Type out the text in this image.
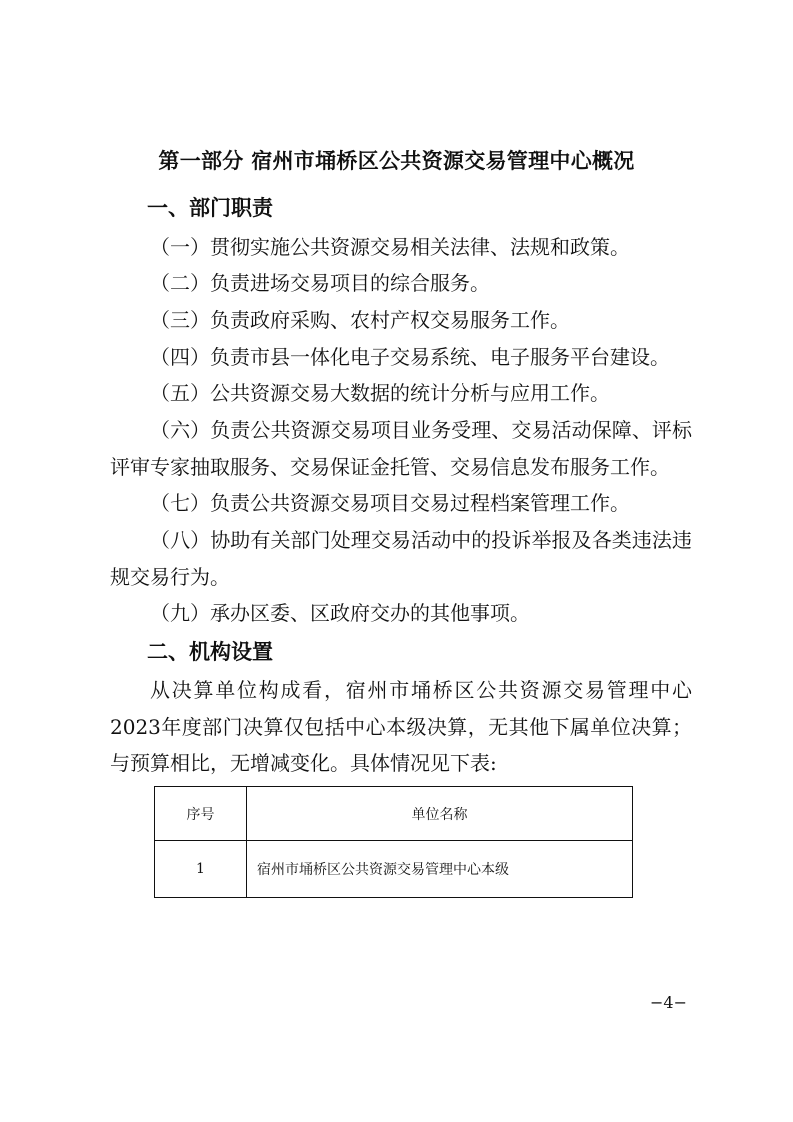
第一部分 宿州市埇桥区公共资源交易管理中心概况
一、部门职责
（一）贯彻实施公共资源交易相关法律、法规和政策。
（二）负责进场交易项目的综合服务。
（三）负责政府采购、农村产权交易服务工作。
（四）负责市县一体化电子交易系统、电子服务平台建设。
（五）公共资源交易大数据的统计分析与应用工作。
（六）负责公共资源交易项目业务受理、交易活动保障、评标评审专家抽取服务、交易保证金托管、交易信息发布服务工作。
（七）负责公共资源交易项目交易过程档案管理工作。
（八）协助有关部门处理交易活动中的投诉举报及各类违法违规交易行为。
（九）承办区委、区政府交办的其他事项。
二、机构设置
从决算单位构成看，宿州市埇桥区公共资源交易管理中心2023年度部门决算仅包括中心本级决算，无其他下属单位决算；与预算相比，无增减变化。具体情况见下表:
序号	单位名称
1	宿州市埇桥区公共资源交易管理中心本级
−4−
